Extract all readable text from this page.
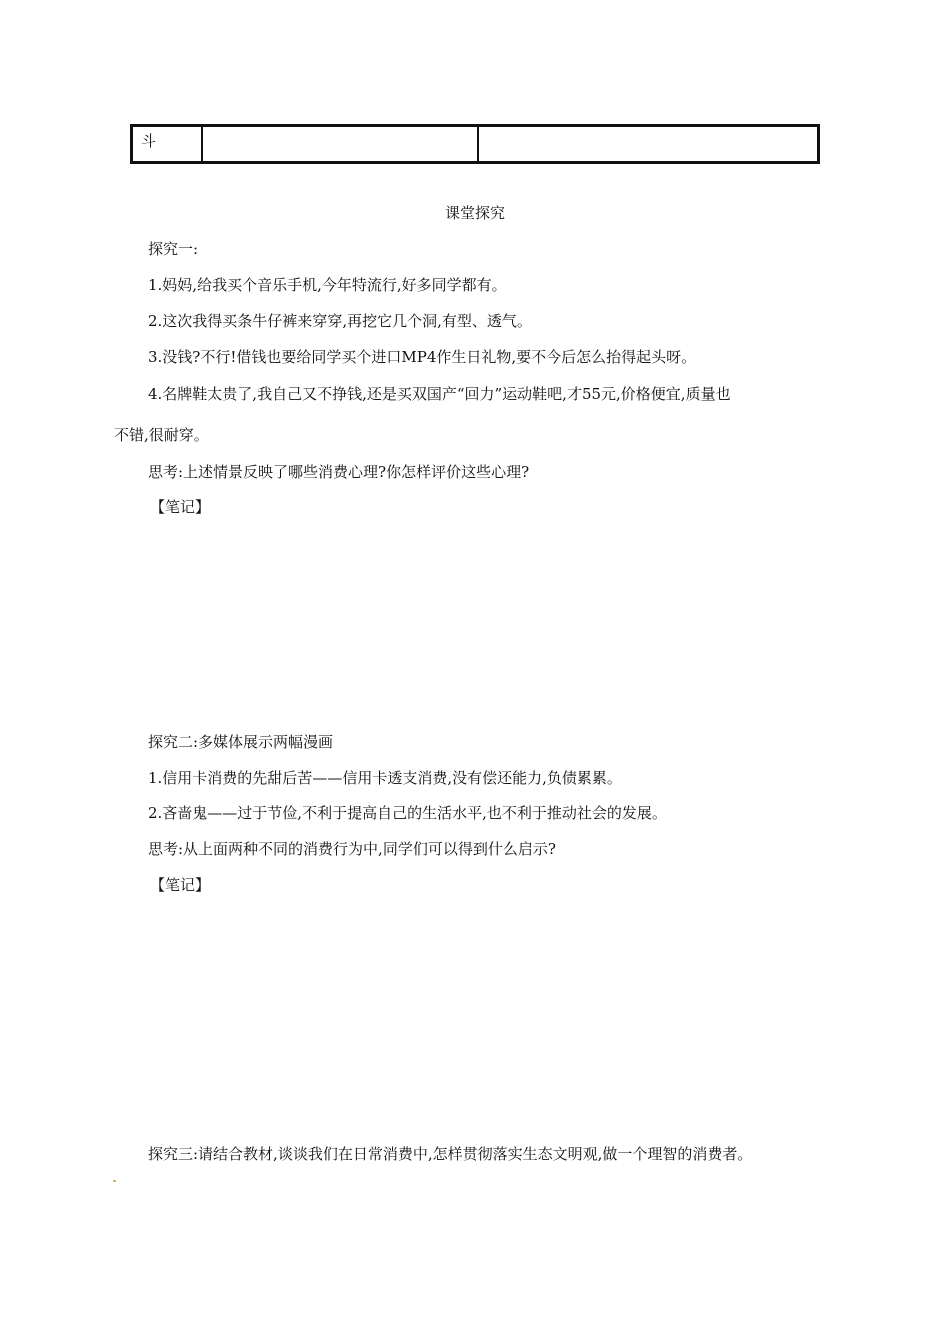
斗		
课堂探究
探究一:
1.妈妈,给我买个音乐手机,今年特流行,好多同学都有。
2.这次我得买条牛仔裤来穿穿,再挖它几个洞,有型、透气。
3.没钱?不行!借钱也要给同学买个进口MP4作生日礼物,要不今后怎么抬得起头呀。
4.名牌鞋太贵了,我自己又不挣钱,还是买双国产“回力”运动鞋吧,才55元,价格便宜,质量也
不错,很耐穿。
思考:上述情景反映了哪些消费心理?你怎样评价这些心理?
【笔记】
探究二:多媒体展示两幅漫画
1.信用卡消费的先甜后苦——信用卡透支消费,没有偿还能力,负债累累。
2.吝啬鬼——过于节俭,不利于提高自己的生活水平,也不利于推动社会的发展。
思考:从上面两种不同的消费行为中,同学们可以得到什么启示?
【笔记】
探究三:请结合教材,谈谈我们在日常消费中,怎样贯彻落实生态文明观,做一个理智的消费者。
